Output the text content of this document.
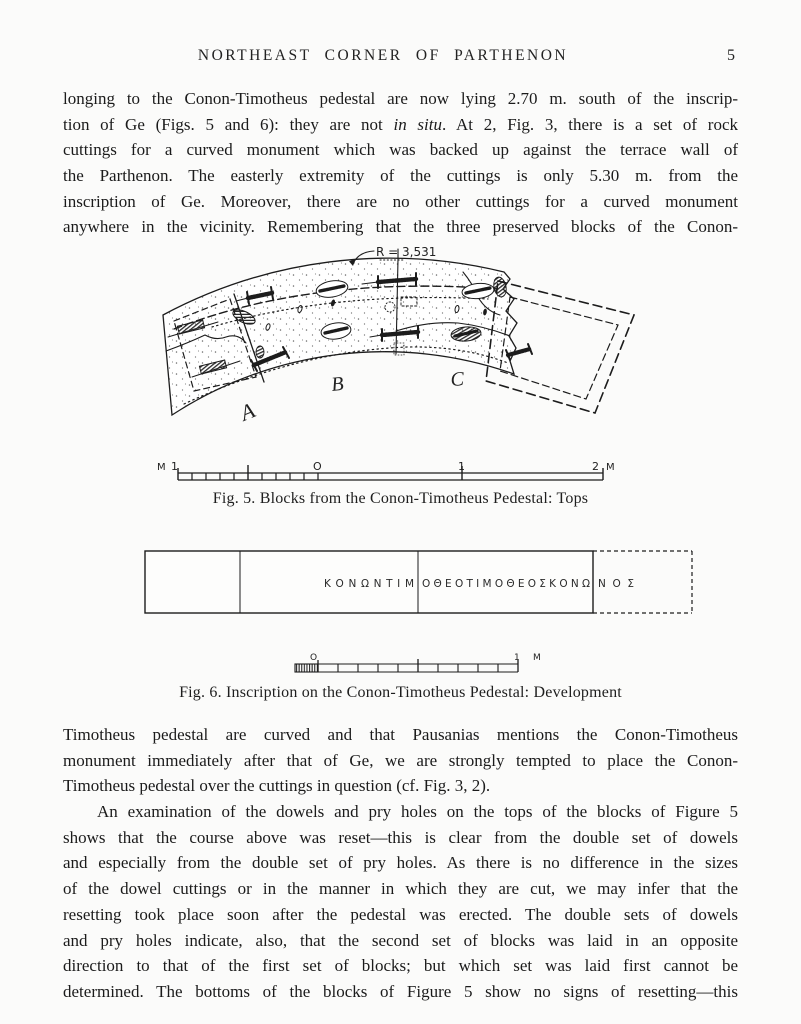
NORTHEAST CORNER OF PARTHENON	5
longing to the Conon-Timotheus pedestal are now lying 2.70 m. south of the inscrip-
tion of Ge (Figs. 5 and 6): they are not in situ. At 2, Fig. 3, there is a set of rock
cuttings for a curved monument which was backed up against the terrace wall of
the Parthenon. The easterly extremity of the cuttings is only 5.30 m. from the
inscription of Ge. Moreover, there are no other cuttings for a curved monument
anywhere in the vicinity. Remembering that the three preserved blocks of the Conon-
R = 3,531
A
B	C
M 1	O	1	2 M
Fig. 5. Blocks from the Conon-Timotheus Pedestal: Tops
ΚΟΝΩΝΤΙΜ ΟΘΕΟΤΙΜΟΘΕΟΣΚΟΝΩ ΝΟΣ
O	1 M
Fig. 6. Inscription on the Conon-Timotheus Pedestal: Development
Timotheus pedestal are curved and that Pausanias mentions the Conon-Timotheus
monument immediately after that of Ge, we are strongly tempted to place the Conon-
Timotheus pedestal over the cuttings in question (cf. Fig. 3, 2).
An examination of the dowels and pry holes on the tops of the blocks of Figure 5
shows that the course above was reset—this is clear from the double set of dowels
and especially from the double set of pry holes. As there is no difference in the sizes
of the dowel cuttings or in the manner in which they are cut, we may infer that the
resetting took place soon after the pedestal was erected. The double sets of dowels
and pry holes indicate, also, that the second set of blocks was laid in an opposite
direction to that of the first set of blocks; but which set was laid first cannot be
determined. The bottoms of the blocks of Figure 5 show no signs of resetting—this
